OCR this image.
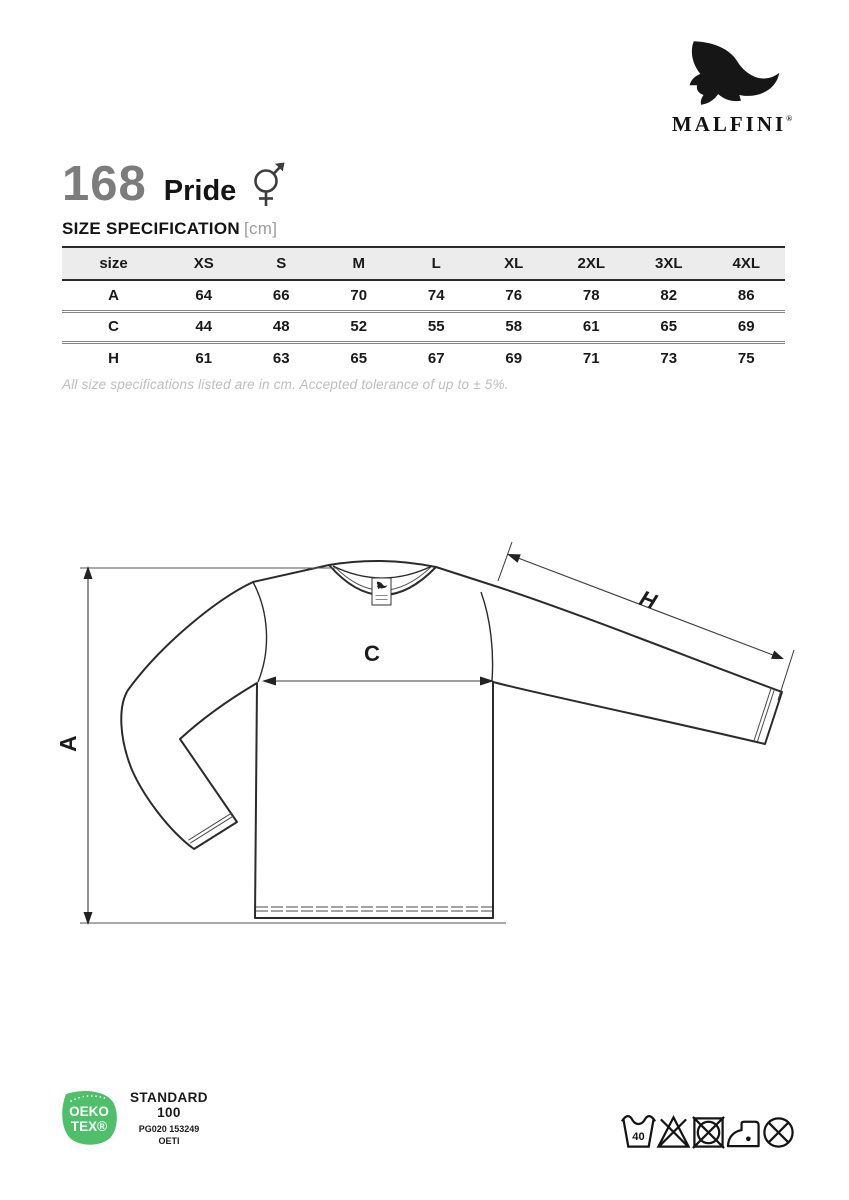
MALFINI®
168 Pride
SIZE SPECIFICATION [cm]
size	XS	S	M	L	XL	2XL	3XL	4XL
A	64	66	70	74	76	78	82	86
C	44	48	52	55	58	61	65	69
H	61	63	65	67	69	71	73	75
All size specifications listed are in cm. Accepted tolerance of up to ± 5%.
A
C
H
OEKO
TEX®
STANDARD
100
PG020 153249
OETI	40
